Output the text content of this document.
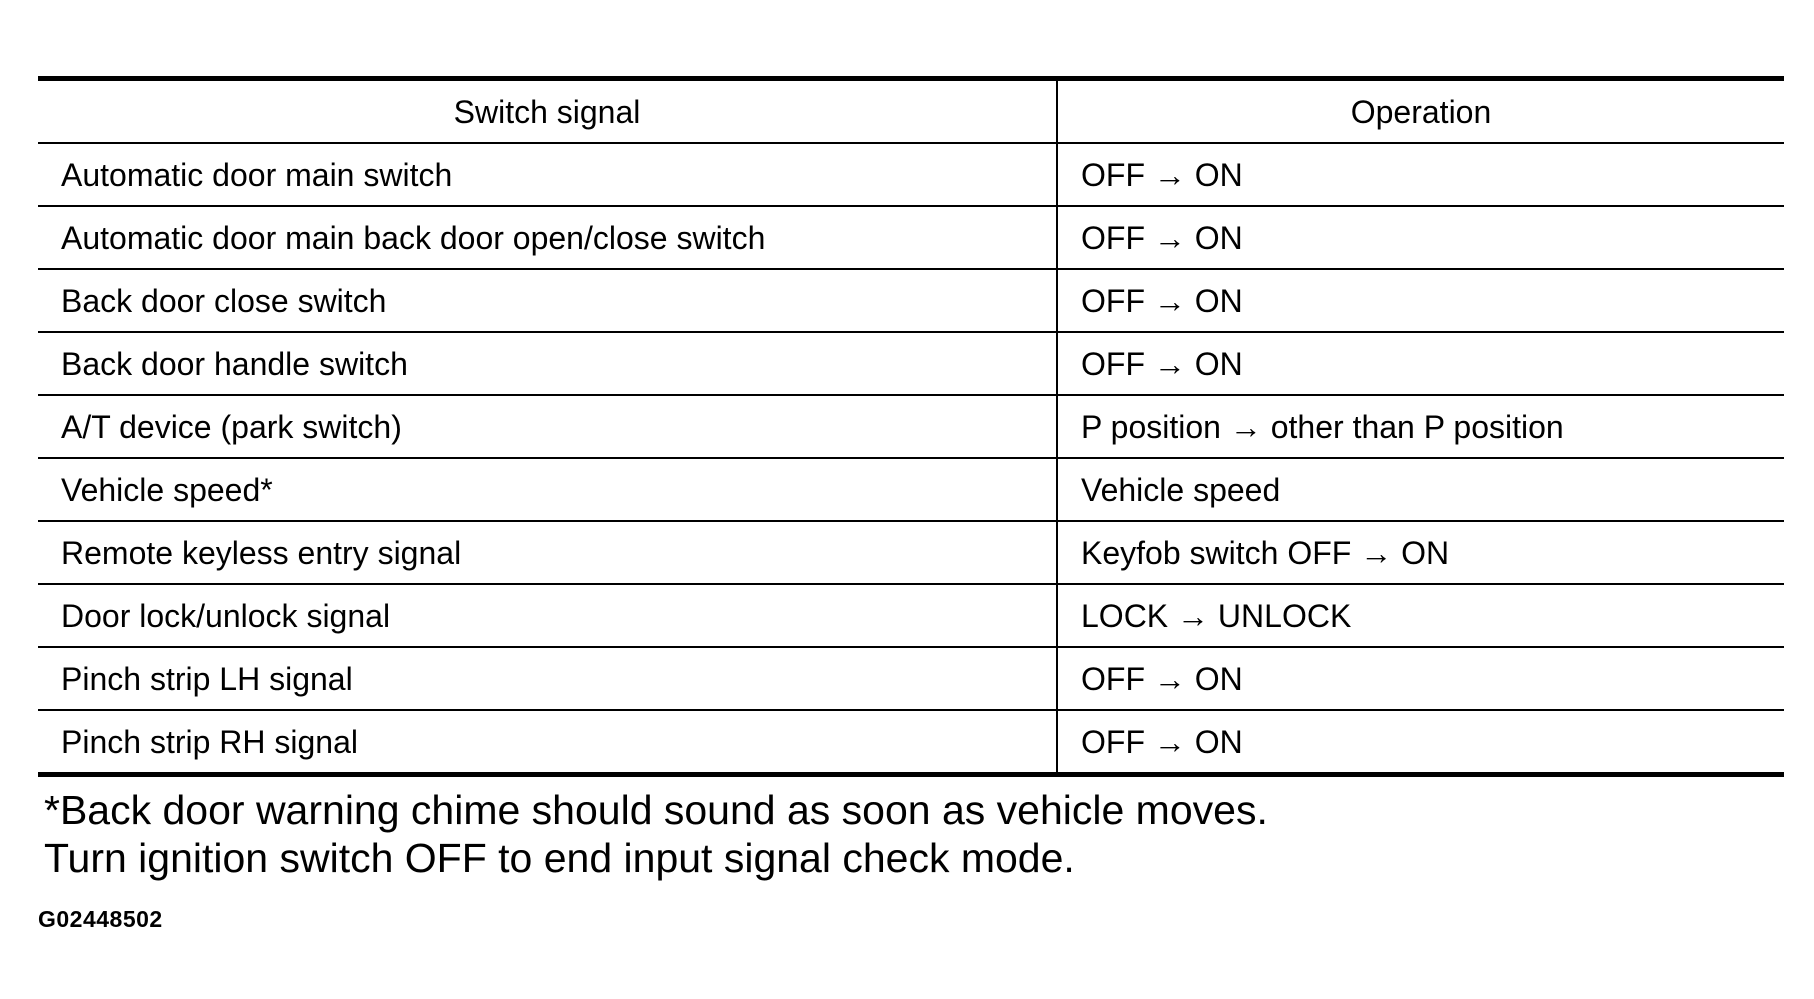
Switch signal	Operation
Automatic door main switch	OFF → ON
Automatic door main back door open/close switch	OFF → ON
Back door close switch	OFF → ON
Back door handle switch	OFF → ON
A/T device (park switch)	P position → other than P position
Vehicle speed*	Vehicle speed
Remote keyless entry signal	Keyfob switch OFF → ON
Door lock/unlock signal	LOCK → UNLOCK
Pinch strip LH signal	OFF → ON
Pinch strip RH signal	OFF → ON
*Back door warning chime should sound as soon as vehicle moves.
Turn ignition switch OFF to end input signal check mode.
G02448502
